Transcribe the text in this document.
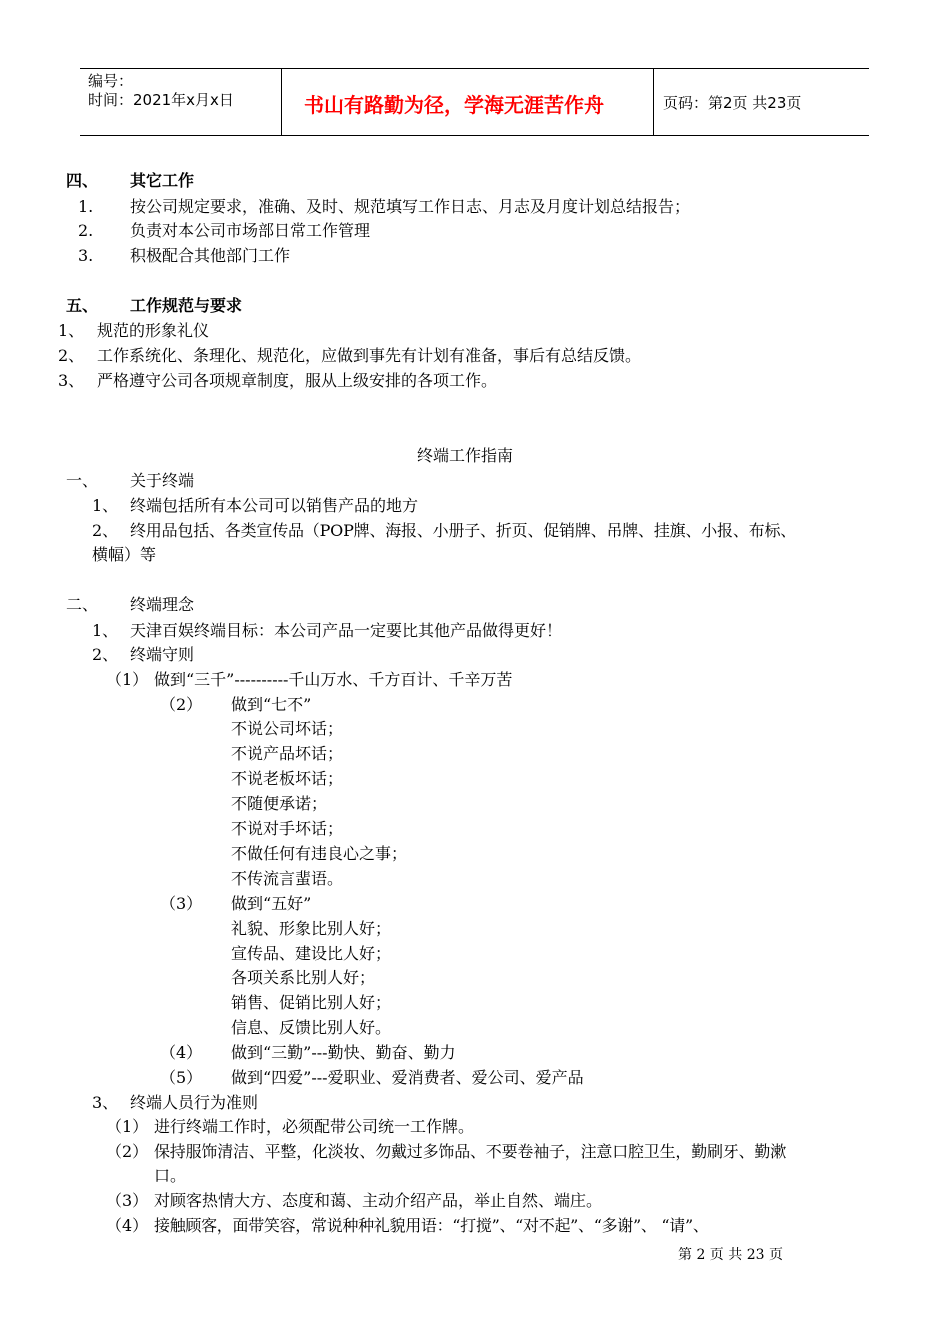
编号：
时间：2021年x月x日	书山有路勤为径，学海无涯苦作舟	页码：第2页 共23页
四、 其它工作
1. 按公司规定要求，准确、及时、规范填写工作日志、月志及月度计划总结报告；
2. 负责对本公司市场部日常工作管理
3. 积极配合其他部门工作
五、 工作规范与要求
1、 规范的形象礼仪
2、 工作系统化、条理化、规范化，应做到事先有计划有准备，事后有总结反馈。
3、 严格遵守公司各项规章制度，服从上级安排的各项工作。
终端工作指南
一、 关于终端
1、 终端包括所有本公司可以销售产品的地方
2、 终用品包括、各类宣传品（POP牌、海报、小册子、折页、促销牌、吊牌、挂旗、小报、布标、
横幅）等
二、 终端理念
1、 天津百娱终端目标：本公司产品一定要比其他产品做得更好！
2、 终端守则
（1） 做到“三千”----------千山万水、千方百计、千辛万苦
（2） 做到“七不”
不说公司坏话；
不说产品坏话；
不说老板坏话；
不随便承诺；
不说对手坏话；
不做任何有违良心之事；
不传流言蜚语。
（3） 做到“五好”
礼貌、形象比别人好；
宣传品、建设比人好；
各项关系比别人好；
销售、促销比别人好；
信息、反馈比别人好。
（4） 做到“三勤”---勤快、勤奋、勤力
（5） 做到“四爱”---爱职业、爱消费者、爱公司、爱产品
3、 终端人员行为准则
（1） 进行终端工作时，必须配带公司统一工作牌。
（2） 保持服饰清洁、平整，化淡妆、勿戴过多饰品、不要卷袖子，注意口腔卫生，勤刷牙、勤漱
口。
（3） 对顾客热情大方、态度和蔼、主动介绍产品，举止自然、端庄。
（4） 接触顾客，面带笑容，常说种种礼貌用语：“打搅”、“对不起”、“多谢”、 “请”、
第 2 页 共 23 页
